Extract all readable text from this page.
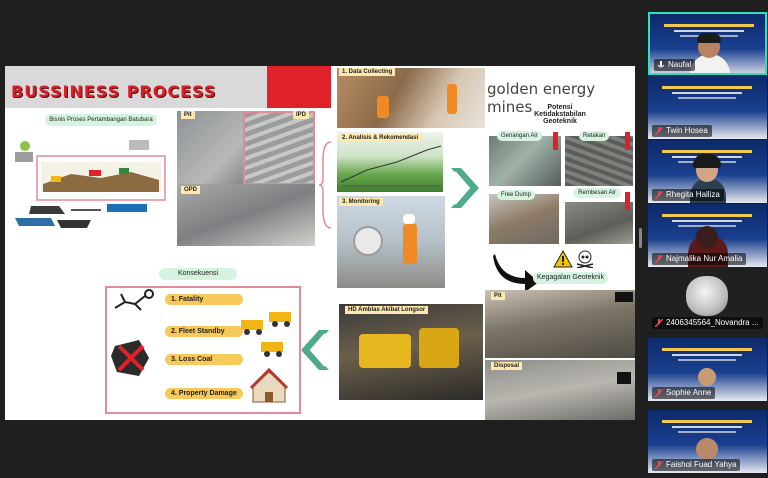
BUSSINESS PROCESS
Bisnis Proses Pertambangan Batubara
Pit	IPD
OPD
1. Data Collecting
2. Analisis & Rekomendasi
3. Monitoring
golden energy mines	Potensi Ketidakstabilan Geoteknik
Genangan Air	Retakan
Free Dump	Rembesan Air
Kegagalan Geoteknik
Pit
Disposal
HD Amblas Akibat Longsor
Konsekuensi
1. Fatality
2. Fleet Standby
3. Loss Coal
4. Property Damage
Naufal
Twin Hosea
Rhegita Halliza
Najmalika Nur Amalia
2406345564_Novandra ...
Sophie Anne
Faishol Fuad Yahya
